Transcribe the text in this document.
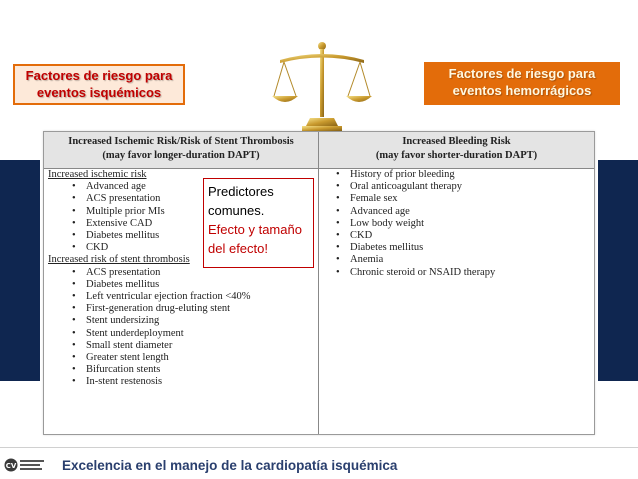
Factores de riesgo para
eventos isquémicos
Factores de riesgo para
eventos hemorrágicos
Increased Ischemic Risk/Risk of Stent Thrombosis
(may favor longer-duration DAPT)
Increased Bleeding Risk
(may favor shorter-duration DAPT)
Increased ischemic risk
• Advanced age
• ACS presentation
• Multiple prior MIs
• Extensive CAD
• Diabetes mellitus
• CKD
Increased risk of stent thrombosis
• ACS presentation
• Diabetes mellitus
• Left ventricular ejection fraction <40%
• First-generation drug-eluting stent
• Stent undersizing
• Stent underdeployment
• Small stent diameter
• Greater stent length
• Bifurcation stents
• In-stent restenosis
• History of prior bleeding
• Oral anticoagulant therapy
• Female sex
• Advanced age
• Low body weight
• CKD
• Diabetes mellitus
• Anemia
• Chronic steroid or NSAID therapy
Predictores
comunes.
Efecto y tamaño
del efecto!
CV	Excelencia en el manejo de la cardiopatía isquémica
